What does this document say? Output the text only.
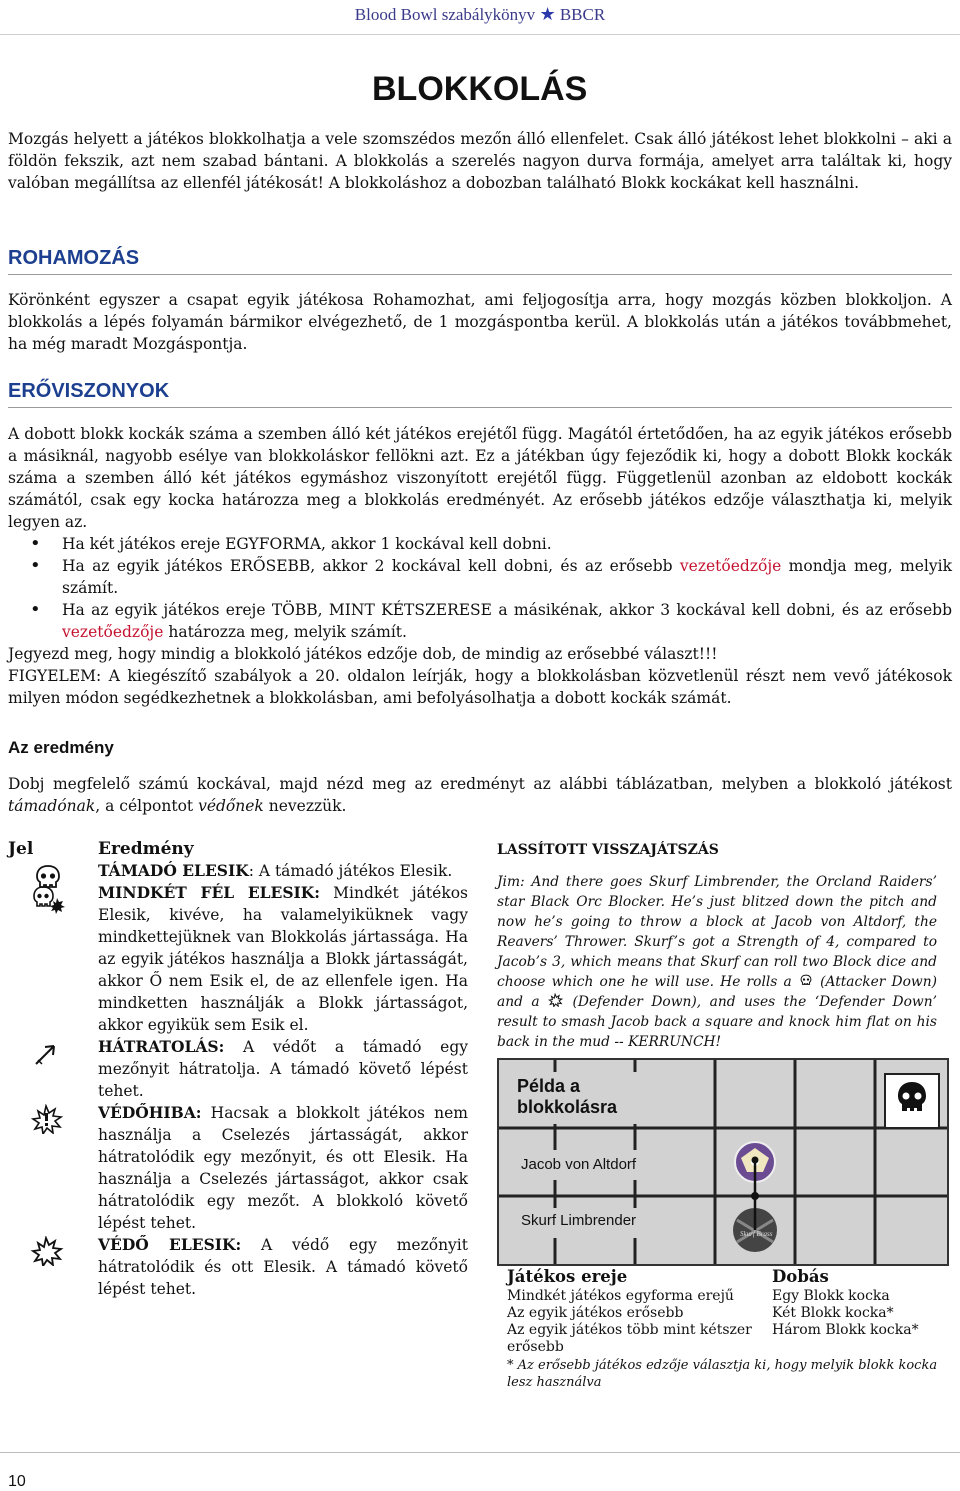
Blood Bowl szabálykönyv ★ BBCR
BLOKKOLÁS
Mozgás helyett a játékos blokkolhatja a vele szomszédos mezőn álló ellenfelet. Csak álló játékost lehet blokkolni – aki a földön fekszik, azt nem szabad bántani. A blokkolás a szerelés nagyon durva formája, amelyet arra találtak ki, hogy valóban megállítsa az ellenfél játékosát! A blokkoláshoz a dobozban található Blokk kockákat kell használni.
ROHAMOZÁS
Körönként egyszer a csapat egyik játékosa Rohamozhat, ami feljogosítja arra, hogy mozgás közben blokkoljon. A blokkolás a lépés folyamán bármikor elvégezhető, de 1 mozgáspontba kerül. A blokkolás után a játékos továbbmehet, ha még maradt Mozgáspontja.
ERŐVISZONYOK
A dobott blokk kockák száma a szemben álló két játékos erejétől függ. Magától értetődően, ha az egyik játékos erősebb a másiknál, nagyobb esélye van blokkoláskor fellökni azt. Ez a játékban úgy fejeződik ki, hogy a dobott Blokk kockák száma a szemben álló két játékos egymáshoz viszonyított erejétől függ. Függetlenül azonban az eldobott kockák számától, csak egy kocka határozza meg a blokkolás eredményét. Az erősebb játékos edzője választhatja ki, melyik legyen az.
• Ha két játékos ereje EGYFORMA, akkor 1 kockával kell dobni.
• Ha az egyik játékos ERŐSEBB, akkor 2 kockával kell dobni, és az erősebb vezetőedzője mondja meg, melyik számít.
• Ha az egyik játékos ereje TÖBB, MINT KÉTSZERESE a másikénak, akkor 3 kockával kell dobni, és az erősebb vezetőedzője határozza meg, melyik számít.
Jegyezd meg, hogy mindig a blokkoló játékos edzője dob, de mindig az erősebbé választ!!!
FIGYELEM: A kiegészítő szabályok a 20. oldalon leírják, hogy a blokkolásban közvetlenül részt nem vevő játékosok milyen módon segédkezhetnek a blokkolásban, ami befolyásolhatja a dobott kockák számát.
Az eredmény
Dobj megfelelő számú kockával, majd nézd meg az eredményt az alábbi táblázatban, melyben a blokkoló játékost támadónak, a célpontot védőnek nevezzük.
Jel	Eredmény
TÁMADÓ ELESIK: A támadó játékos Elesik.
MINDKÉT FÉL ELESIK: Mindkét játékos Elesik, kivéve, ha valamelyiküknek vagy mindkettejüknek van Blokkolás jártassága. Ha az egyik játékos használja a Blokk jártasságát, akkor Ő nem Esik el, de az ellenfele igen. Ha mindketten használják a Blokk jártasságot, akkor egyikük sem Esik el.
HÁTRATOLÁS: A védőt a támadó egy mezőnyit hátratolja. A támadó követő lépést tehet.
VÉDŐHIBA: Hacsak a blokkolt játékos nem használja a Cselezés jártasságát, akkor hátratolódik egy mezőnyit, és ott Elesik. Ha használja a Cselezés jártasságot, akkor csak hátratolódik egy mezőt. A blokkoló követő lépést tehet.
VÉDŐ ELESIK: A védő egy mezőnyit hátratolódik és ott Elesik. A támadó követő lépést tehet.
LASSÍTOTT VISSZAJÁTSZÁS
Jim: And there goes Skurf Limbrender, the Orcland Raiders’ star Black Orc Blocker. He’s just blitzed down the pitch and now he’s going to throw a block at Jacob von Altdorf, the Reavers’ Thrower. Skurf’s got a Strength of 4, compared to Jacob’s 3, which means that Skurf can roll two Block dice and choose which one he will use. He rolls a (Attacker Down) and a (Defender Down), and uses the ‘Defender Down’ result to smash Jacob back a square and knock him flat on his back in the mud -- KERRUNCH!
Példa a
blokkolásra
Jacob von Altdorf
Skurf Limbrender
Skurf Brass
Játékos ereje	Dobás
Mindkét játékos egyforma erejű	Egy Blokk kocka
Az egyik játékos erősebb	Két Blokk kocka*
Az egyik játékos több mint kétszer erősebb	Három Blokk kocka*
* Az erősebb játékos edzője választja ki, hogy melyik blokk kocka lesz használva
10
